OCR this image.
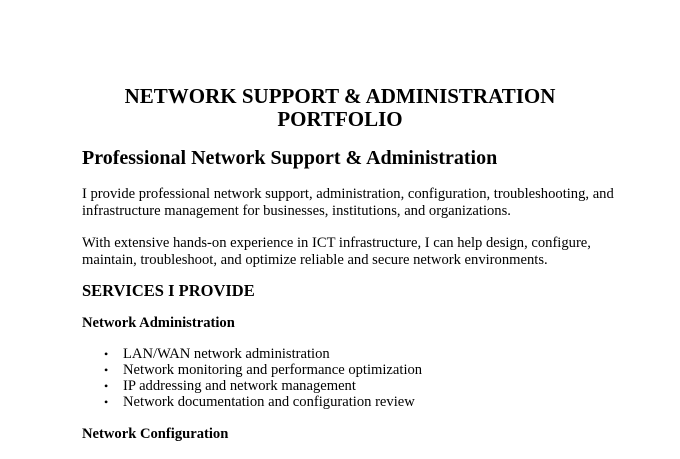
NETWORK SUPPORT & ADMINISTRATION
PORTFOLIO
Professional Network Support & Administration

I provide professional network support, administration, configuration, troubleshooting, and infrastructure management for businesses, institutions, and organizations.

With extensive hands-on experience in ICT infrastructure, I can help design, configure, maintain, troubleshoot, and optimize reliable and secure network environments.

SERVICES I PROVIDE
Network Administration
•	LAN/WAN network administration
•	Network monitoring and performance optimization
•	IP addressing and network management
•	Network documentation and configuration review
Network Configuration
